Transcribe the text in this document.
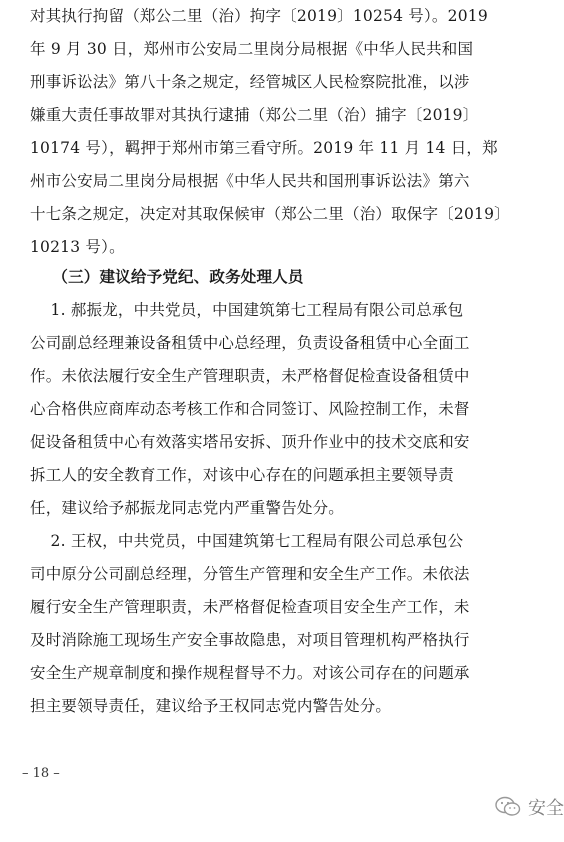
对其执行拘留（郑公二里（治）拘字〔2019〕10254 号）。2019
年 9 月 30 日，郑州市公安局二里岗分局根据《中华人民共和国
刑事诉讼法》第八十条之规定，经管城区人民检察院批准，以涉
嫌重大责任事故罪对其执行逮捕（郑公二里（治）捕字〔2019〕
10174 号），羁押于郑州市第三看守所。2019 年 11 月 14 日，郑
州市公安局二里岗分局根据《中华人民共和国刑事诉讼法》第六
十七条之规定，决定对其取保候审（郑公二里（治）取保字〔2019〕
10213 号）。
（三）建议给予党纪、政务处理人员
1. 郝振龙，中共党员，中国建筑第七工程局有限公司总承包
公司副总经理兼设备租赁中心总经理，负责设备租赁中心全面工
作。未依法履行安全生产管理职责，未严格督促检查设备租赁中
心合格供应商库动态考核工作和合同签订、风险控制工作，未督
促设备租赁中心有效落实塔吊安拆、顶升作业中的技术交底和安
拆工人的安全教育工作，对该中心存在的问题承担主要领导责
任，建议给予郝振龙同志党内严重警告处分。
2. 王权，中共党员，中国建筑第七工程局有限公司总承包公
司中原分公司副总经理，分管生产管理和安全生产工作。未依法
履行安全生产管理职责，未严格督促检查项目安全生产工作，未
及时消除施工现场生产安全事故隐患，对项目管理机构严格执行
安全生产规章制度和操作规程督导不力。对该公司存在的问题承
担主要领导责任，建议给予王权同志党内警告处分。
– 18 –
安全
